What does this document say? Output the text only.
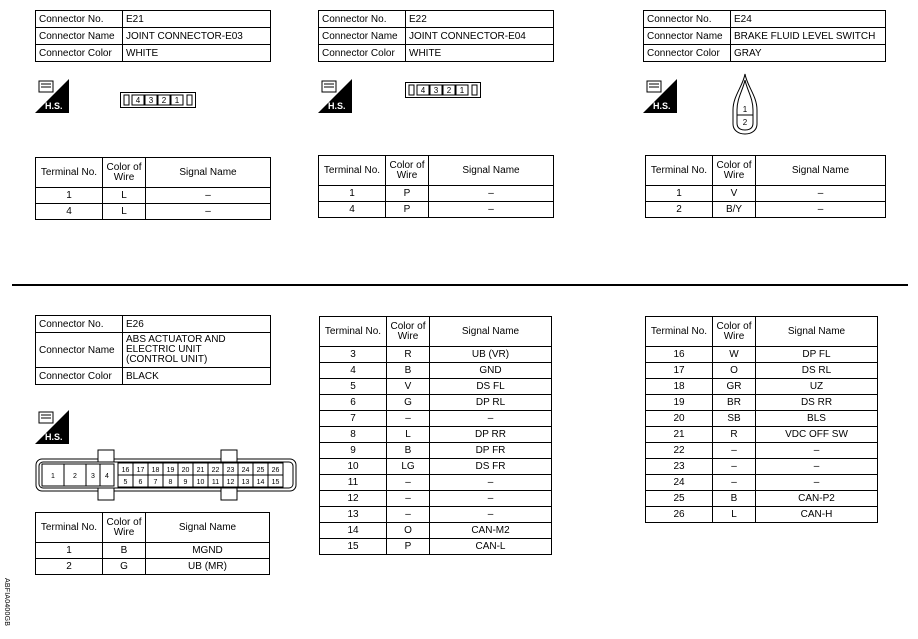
Connector No.	E21
Connector Name	JOINT CONNECTOR-E03
Connector Color	WHITE
H.S.
4 3 2 1
Terminal No.	Color of
Wire	Signal Name
1	L	–
4	L	–
Connector No.	E22
Connector Name	JOINT CONNECTOR-E04
Connector Color	WHITE
H.S.
4 3 2 1
Terminal No.	Color of
Wire	Signal Name
1	P	–
4	P	–
Connector No.	E24
Connector Name	BRAKE FLUID LEVEL SWITCH
Connector Color	GRAY
H.S.	1
2
Terminal No.	Color of
Wire	Signal Name
1	V	–
2	B/Y	–
Connector No.	E26
Connector Name	ABS ACTUATOR AND
ELECTRIC UNIT
(CONTROL UNIT)
Connector Color	BLACK
H.S.
1	2 3 4
16 17 18 19 20 21 22 23 24 25 26
5 6 7 8 9 10 11 12 13 14 15
Terminal No.	Color of
Wire	Signal Name
1	B	MGND
2	G	UB (MR)
Terminal No.	Color of
Wire	Signal Name
3	R	UB (VR)
4	B	GND
5	V	DS FL
6	G	DP RL
7	–	–
8	L	DP RR
9	B	DP FR
10	LG	DS FR
11	–	–
12	–	–
13	–	–
14	O	CAN-M2
15	P	CAN-L
Terminal No.	Color of
Wire	Signal Name
16	W	DP FL
17	O	DS RL
18	GR	UZ
19	BR	DS RR
20	SB	BLS
21	R	VDC OFF SW
22	–	–
23	–	–
24	–	–
25	B	CAN-P2
26	L	CAN-H
ABFIA0400GB
